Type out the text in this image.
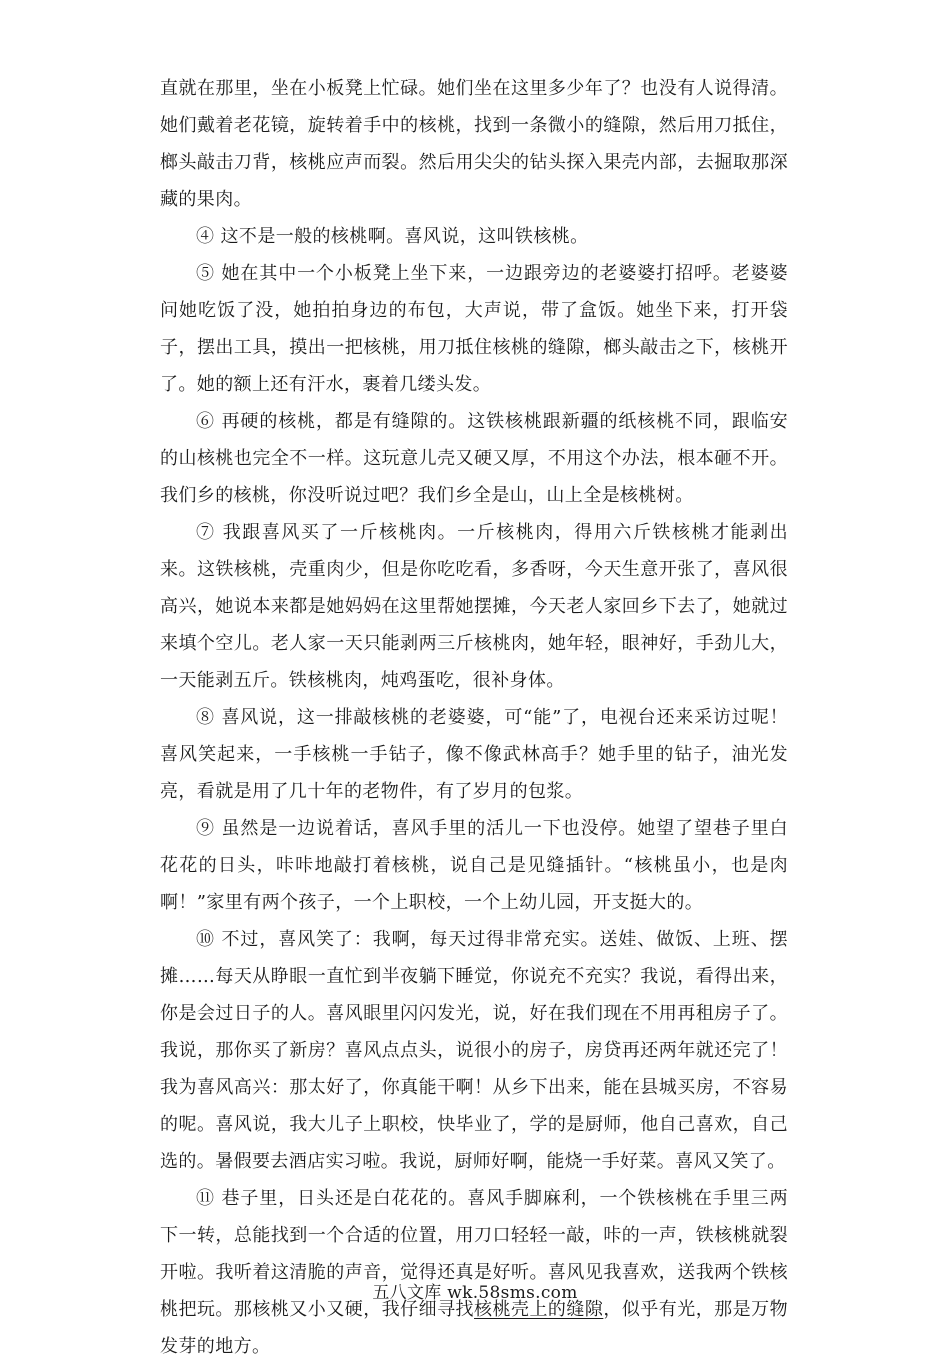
直就在那里，坐在小板凳上忙碌。她们坐在这里多少年了？也没有人说得清。她们戴着老花镜，旋转着手中的核桃，找到一条微小的缝隙，然后用刀抵住，榔头敲击刀背，核桃应声而裂。然后用尖尖的钻头探入果壳内部，去掘取那深藏的果肉。

④ 这不是一般的核桃啊。喜风说，这叫铁核桃。

⑤ 她在其中一个小板凳上坐下来，一边跟旁边的老婆婆打招呼。老婆婆问她吃饭了没，她拍拍身边的布包，大声说，带了盒饭。她坐下来，打开袋子，摆出工具，摸出一把核桃，用刀抵住核桃的缝隙，榔头敲击之下，核桃开了。她的额上还有汗水，裹着几缕头发。

⑥ 再硬的核桃，都是有缝隙的。这铁核桃跟新疆的纸核桃不同，跟临安的山核桃也完全不一样。这玩意儿壳又硬又厚，不用这个办法，根本砸不开。我们乡的核桃，你没听说过吧？我们乡全是山，山上全是核桃树。

⑦ 我跟喜风买了一斤核桃肉。一斤核桃肉，得用六斤铁核桃才能剥出来。这铁核桃，壳重肉少，但是你吃吃看，多香呀，今天生意开张了，喜风很高兴，她说本来都是她妈妈在这里帮她摆摊，今天老人家回乡下去了，她就过来填个空儿。老人家一天只能剥两三斤核桃肉，她年轻，眼神好，手劲儿大，一天能剥五斤。铁核桃肉，炖鸡蛋吃，很补身体。

⑧ 喜风说，这一排敲核桃的老婆婆，可“能”了，电视台还来采访过呢！喜风笑起来，一手核桃一手钻子，像不像武林高手？她手里的钻子，油光发亮，看就是用了几十年的老物件，有了岁月的包浆。

⑨ 虽然是一边说着话，喜风手里的活儿一下也没停。她望了望巷子里白花花的日头，咔咔地敲打着核桃，说自己是见缝插针。“核桃虽小，也是肉啊！”家里有两个孩子，一个上职校，一个上幼儿园，开支挺大的。

⑩ 不过，喜风笑了：我啊，每天过得非常充实。送娃、做饭、上班、摆摊……每天从睁眼一直忙到半夜躺下睡觉，你说充不充实？我说，看得出来，你是会过日子的人。喜风眼里闪闪发光，说，好在我们现在不用再租房子了。我说，那你买了新房？喜风点点头，说很小的房子，房贷再还两年就还完了！我为喜风高兴：那太好了，你真能干啊！从乡下出来，能在县城买房，不容易的呢。喜风说，我大儿子上职校，快毕业了，学的是厨师，他自己喜欢，自己选的。暑假要去酒店实习啦。我说，厨师好啊，能烧一手好菜。喜风又笑了。

⑪ 巷子里，日头还是白花花的。喜风手脚麻利，一个铁核桃在手里三两下一转，总能找到一个合适的位置，用刀口轻轻一敲，咔的一声，铁核桃就裂开啦。我听着这清脆的声音，觉得还真是好听。喜风见我喜欢，送我两个铁核桃把玩。那核桃又小又硬，我仔细寻找核桃壳上的缝隙，似乎有光，那是万物发芽的地方。

五八文库 wk.58sms.com
